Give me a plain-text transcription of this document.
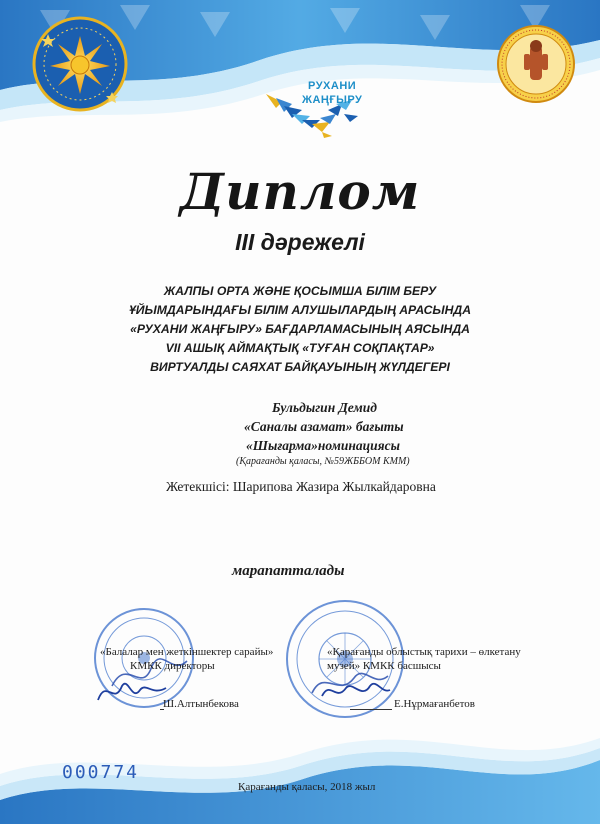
РУХАНИ
ЖАҢҒЫРУ
Диплом
III дәрежелі
ЖАЛПЫ ОРТА ЖӘНЕ ҚОСЫМША БІЛІМ БЕРУ
ҰЙЫМДАРЫНДАҒЫ БІЛІМ АЛУШЫЛАРДЫҢ АРАСЫНДА
«РУХАНИ ЖАҢҒЫРУ» БАҒДАРЛАМАСЫНЫҢ АЯСЫНДА
VII АШЫҚ АЙМАҚТЫҚ «ТУҒАН СОҚПАҚТАР»
ВИРТУАЛДЫ САЯХАТ БАЙҚАУЫНЫҢ ЖҮЛДЕГЕРІ
Бульдыгин Демид
«Саналы азамат» бағыты
«Шығарма»номинациясы
(Қарағанды қаласы, №59ЖББОМ КММ)
Жетекшісі: Шарипова Жазира Жылкайдаровна
марапатталады
«Балалар мен жеткіншектер сарайы»
КМКК директоры
Ш.Алтынбекова
«Қарағанды облыстық тарихи – өлкетану
музей» КМКК басшысы
Е.Нұрмағанбетов
000774
Қарағанды қаласы, 2018 жыл
